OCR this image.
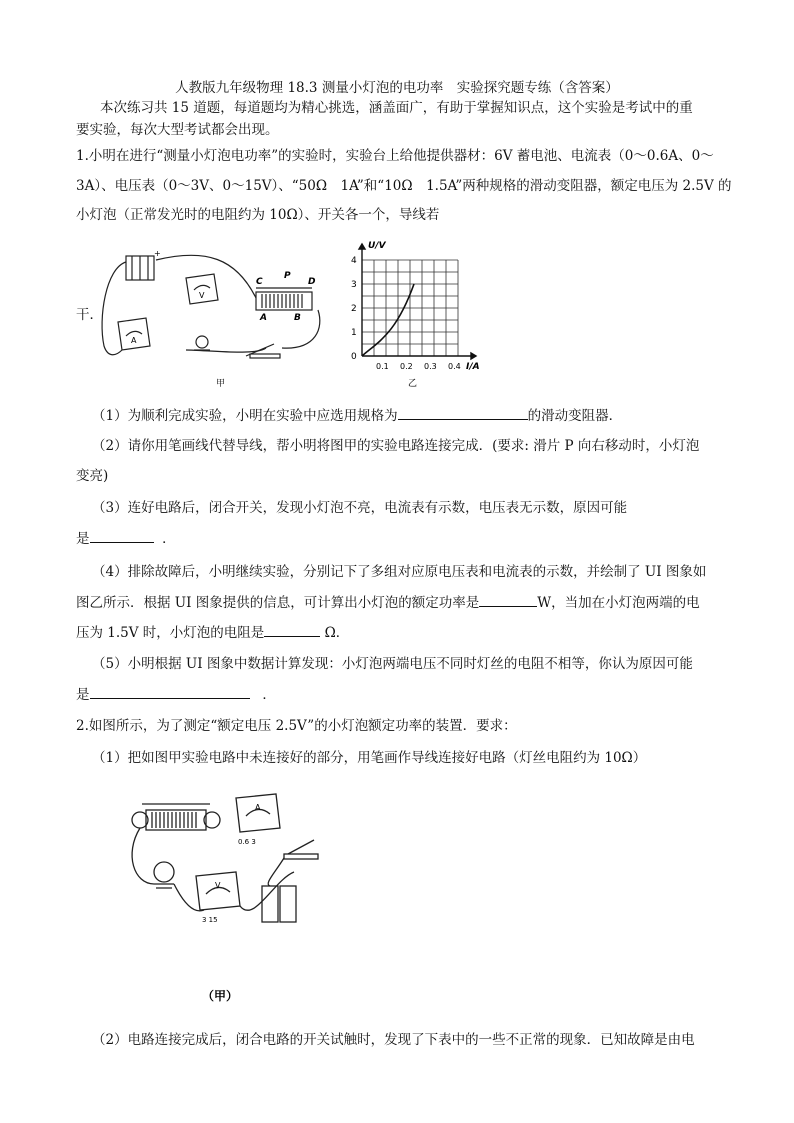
人教版九年级物理 18.3 测量小灯泡的电功率　实验探究题专练（含答案）
本次练习共 15 道题，每道题均为精心挑选，涵盖面广，有助于掌握知识点，这个实验是考试中的重
要实验，每次大型考试都会出现。
1.小明在进行“测量小灯泡电功率”的实验时，实验台上给他提供器材：6V 蓄电池、电流表（0～0.6A、0～
3A）、电压表（0～3V、0～15V）、“50Ω　1A”和“10Ω　1.5A”两种规格的滑动变阻器，额定电压为 2.5V 的
小灯泡（正常发光时的电阻约为 10Ω）、开关各一个，导线若
干．
+
V
A
C
P
D
A	B
甲
U/V
I/A
0
1
2
3
4
0.1 0.2 0.3 0.4
乙
（1）为顺利完成实验，小明在实验中应选用规格为	的滑动变阻器．
（2）请你用笔画线代替导线，帮小明将图甲的实验电路连接完成．(要求: 滑片 P 向右移动时，小灯泡
变亮)
（3）连好电路后，闭合开关，发现小灯泡不亮，电流表有示数，电压表无示数，原因可能
是	．
（4）排除故障后，小明继续实验，分别记下了多组对应原电压表和电流表的示数，并绘制了 UI 图象如
图乙所示．根据 UI 图象提供的信息，可计算出小灯泡的额定功率是	W，当加在小灯泡两端的电
压为 1.5V 时，小灯泡的电阻是	Ω．
（5）小明根据 UI 图象中数据计算发现：小灯泡两端电压不同时灯丝的电阻不相等，你认为原因可能
是	．
2.如图所示，为了测定“额定电压 2.5V”的小灯泡额定功率的装置．要求：
（1）把如图甲实验电路中未连接好的部分，用笔画作导线连接好电路（灯丝电阻约为 10Ω）
A
0.6 3
V
3 15
（甲）
（2）电路连接完成后，闭合电路的开关试触时，发现了下表中的一些不正常的现象．已知故障是由电
